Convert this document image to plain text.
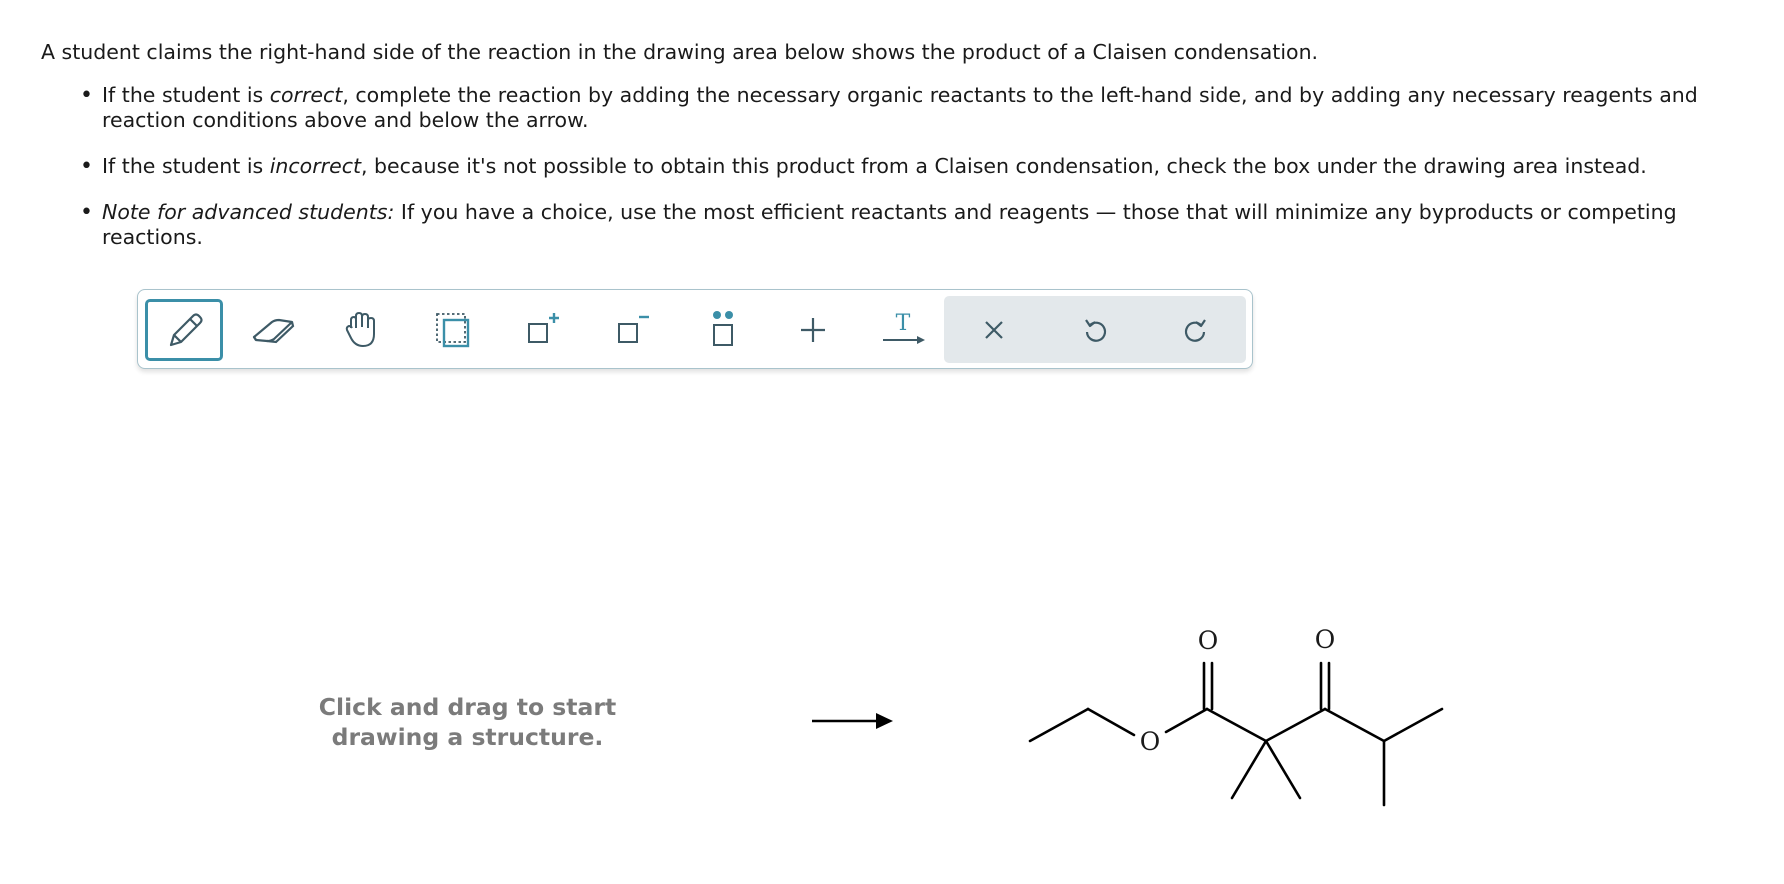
A student claims the right-hand side of the reaction in the drawing area below shows the product of a Claisen condensation.

• If the student is correct, complete the reaction by adding the necessary organic reactants to the left-hand side, and by adding any necessary reagents and reaction conditions above and below the arrow.
• If the student is incorrect, because it's not possible to obtain this product from a Claisen condensation, check the box under the drawing area instead.
• Note for advanced students: If you have a choice, use the most efficient reactants and reagents — those that will minimize any byproducts or competing reactions.
T
Click and drag to start drawing a structure.	O
O	O
